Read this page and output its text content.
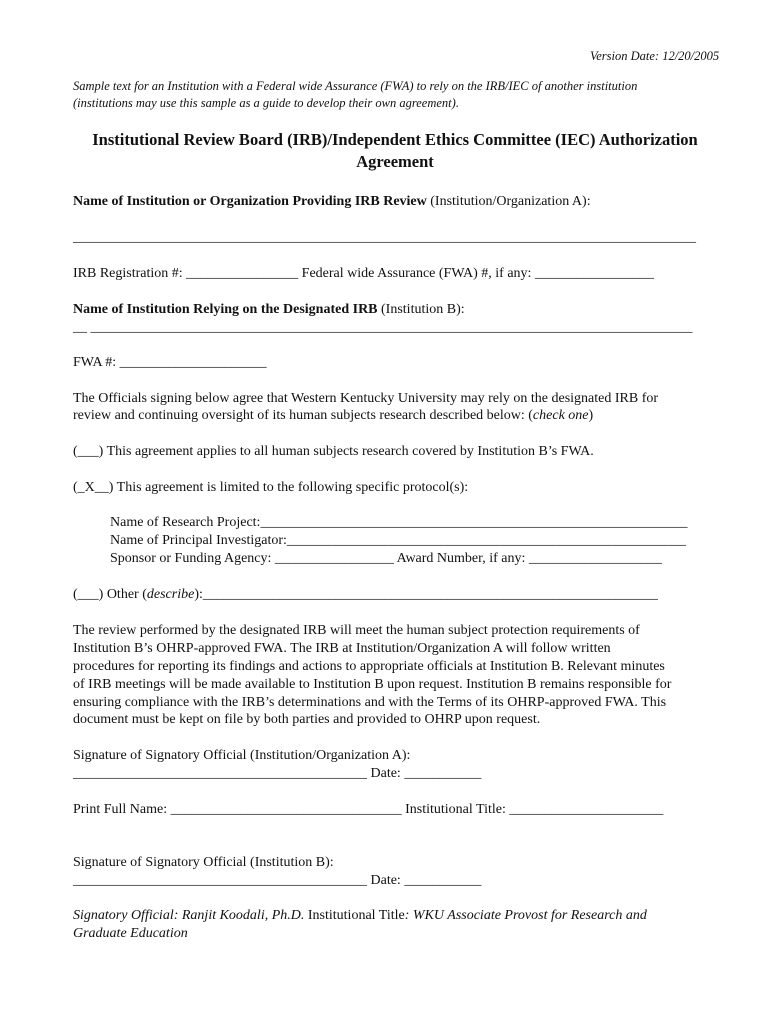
Version Date: 12/20/2005
Sample text for an Institution with a Federal wide Assurance (FWA) to rely on the IRB/IEC of another institution
(institutions may use this sample as a guide to develop their own agreement).
Institutional Review Board (IRB)/Independent Ethics Committee (IEC) Authorization
Agreement
Name of Institution or Organization Providing IRB Review (Institution/Organization A):
_________________________________________________________________________________________
IRB Registration #: ________________ Federal wide Assurance (FWA) #, if any: _________________
Name of Institution Relying on the Designated IRB (Institution B):
__ ______________________________________________________________________________________
FWA #: _____________________
The Officials signing below agree that Western Kentucky University may rely on the designated IRB for
review and continuing oversight of its human subjects research described below: (check one)
(___) This agreement applies to all human subjects research covered by Institution B’s FWA.
(_X__) This agreement is limited to the following specific protocol(s):
Name of Research Project:_____________________________________________________________
Name of Principal Investigator:_________________________________________________________
Sponsor or Funding Agency: _________________ Award Number, if any: ___________________
(___) Other (describe):_________________________________________________________________
The review performed by the designated IRB will meet the human subject protection requirements of
Institution B’s OHRP-approved FWA. The IRB at Institution/Organization A will follow written
procedures for reporting its findings and actions to appropriate officials at Institution B. Relevant minutes
of IRB meetings will be made available to Institution B upon request. Institution B remains responsible for
ensuring compliance with the IRB’s determinations and with the Terms of its OHRP-approved FWA. This
document must be kept on file by both parties and provided to OHRP upon request.
Signature of Signatory Official (Institution/Organization A):
__________________________________________ Date: ___________
Print Full Name: _________________________________ Institutional Title: ______________________
Signature of Signatory Official (Institution B):
__________________________________________ Date: ___________
Signatory Official: Ranjit Koodali, Ph.D. Institutional Title: WKU Associate Provost for Research and
Graduate Education
